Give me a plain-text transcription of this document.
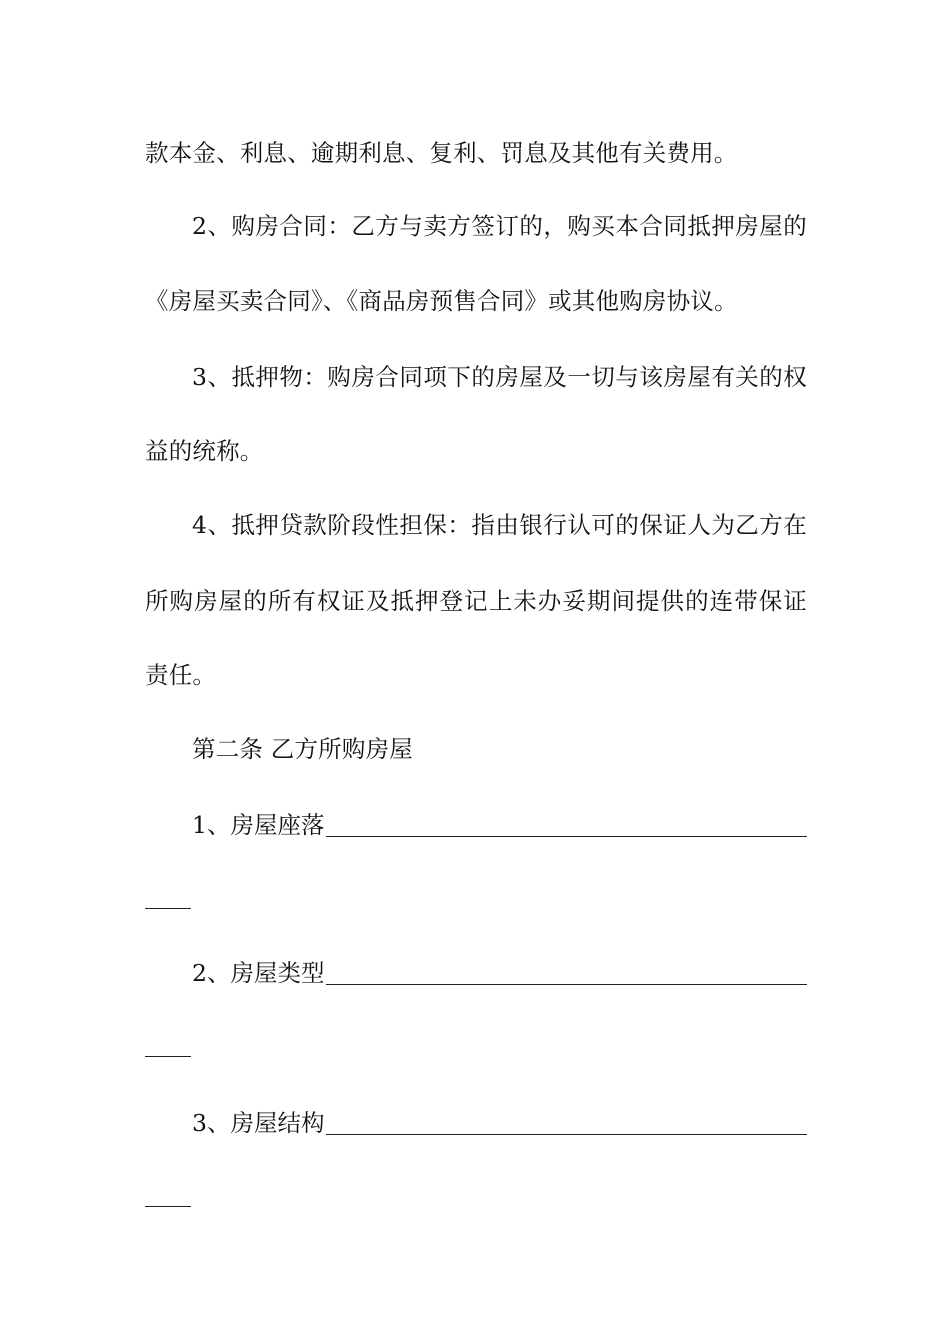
款本金、利息、逾期利息、复利、罚息及其他有关费用。
2、购房合同：乙方与卖方签订的，购买本合同抵押房屋的
《房屋买卖合同》、《商品房预售合同》或其他购房协议。
3、抵押物：购房合同项下的房屋及一切与该房屋有关的权
益的统称。
4、抵押贷款阶段性担保：指由银行认可的保证人为乙方在
所购房屋的所有权证及抵押登记上未办妥期间提供的连带保证
责任。
第二条 乙方所购房屋
1、房屋座落
2、房屋类型
3、房屋结构
